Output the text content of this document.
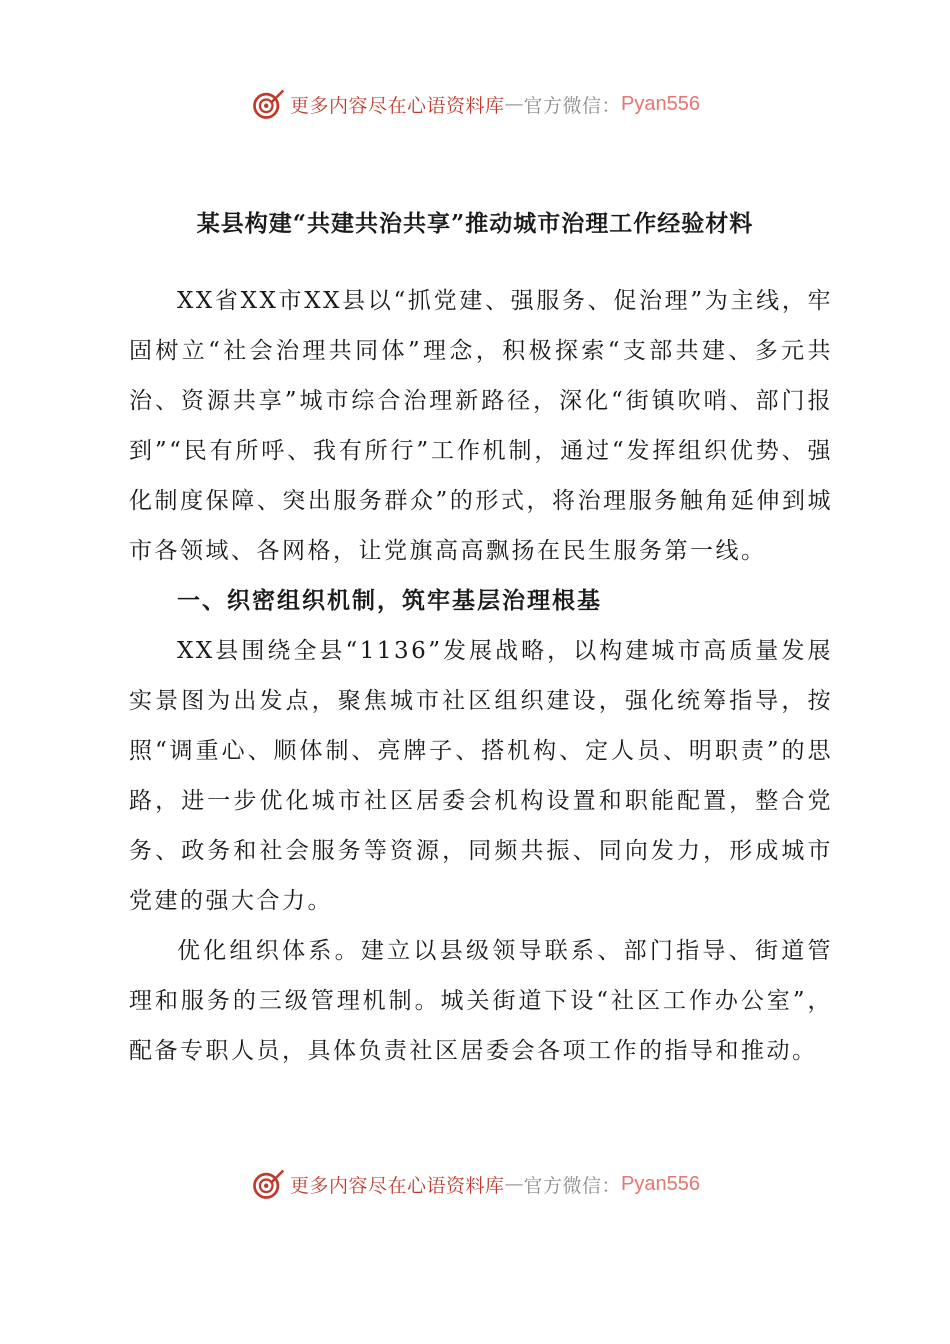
更多内容尽在心语资料库 — 官方微信： Pyan556
某县构建“共建共治共享”推动城市治理工作经验材料

XX省XX市XX县以“抓党建、强服务、促治理”为主线，牢固树立“社会治理共同体”理念，积极探索“支部共建、多元共治、资源共享”城市综合治理新路径，深化“街镇吹哨、部门报到”“民有所呼、我有所行”工作机制，通过“发挥组织优势、强化制度保障、突出服务群众”的形式，将治理服务触角延伸到城市各领域、各网格，让党旗高高飘扬在民生服务第一线。

一、织密组织机制，筑牢基层治理根基

XX县围绕全县“1136”发展战略，以构建城市高质量发展实景图为出发点，聚焦城市社区组织建设，强化统筹指导，按照“调重心、顺体制、亮牌子、搭机构、定人员、明职责”的思路，进一步优化城市社区居委会机构设置和职能配置，整合党务、政务和社会服务等资源，同频共振、同向发力，形成城市党建的强大合力。

优化组织体系。建立以县级领导联系、部门指导、街道管理和服务的三级管理机制。城关街道下设“社区工作办公室”，配备专职人员，具体负责社区居委会各项工作的指导和推动。

更多内容尽在心语资料库 — 官方微信： Pyan556
